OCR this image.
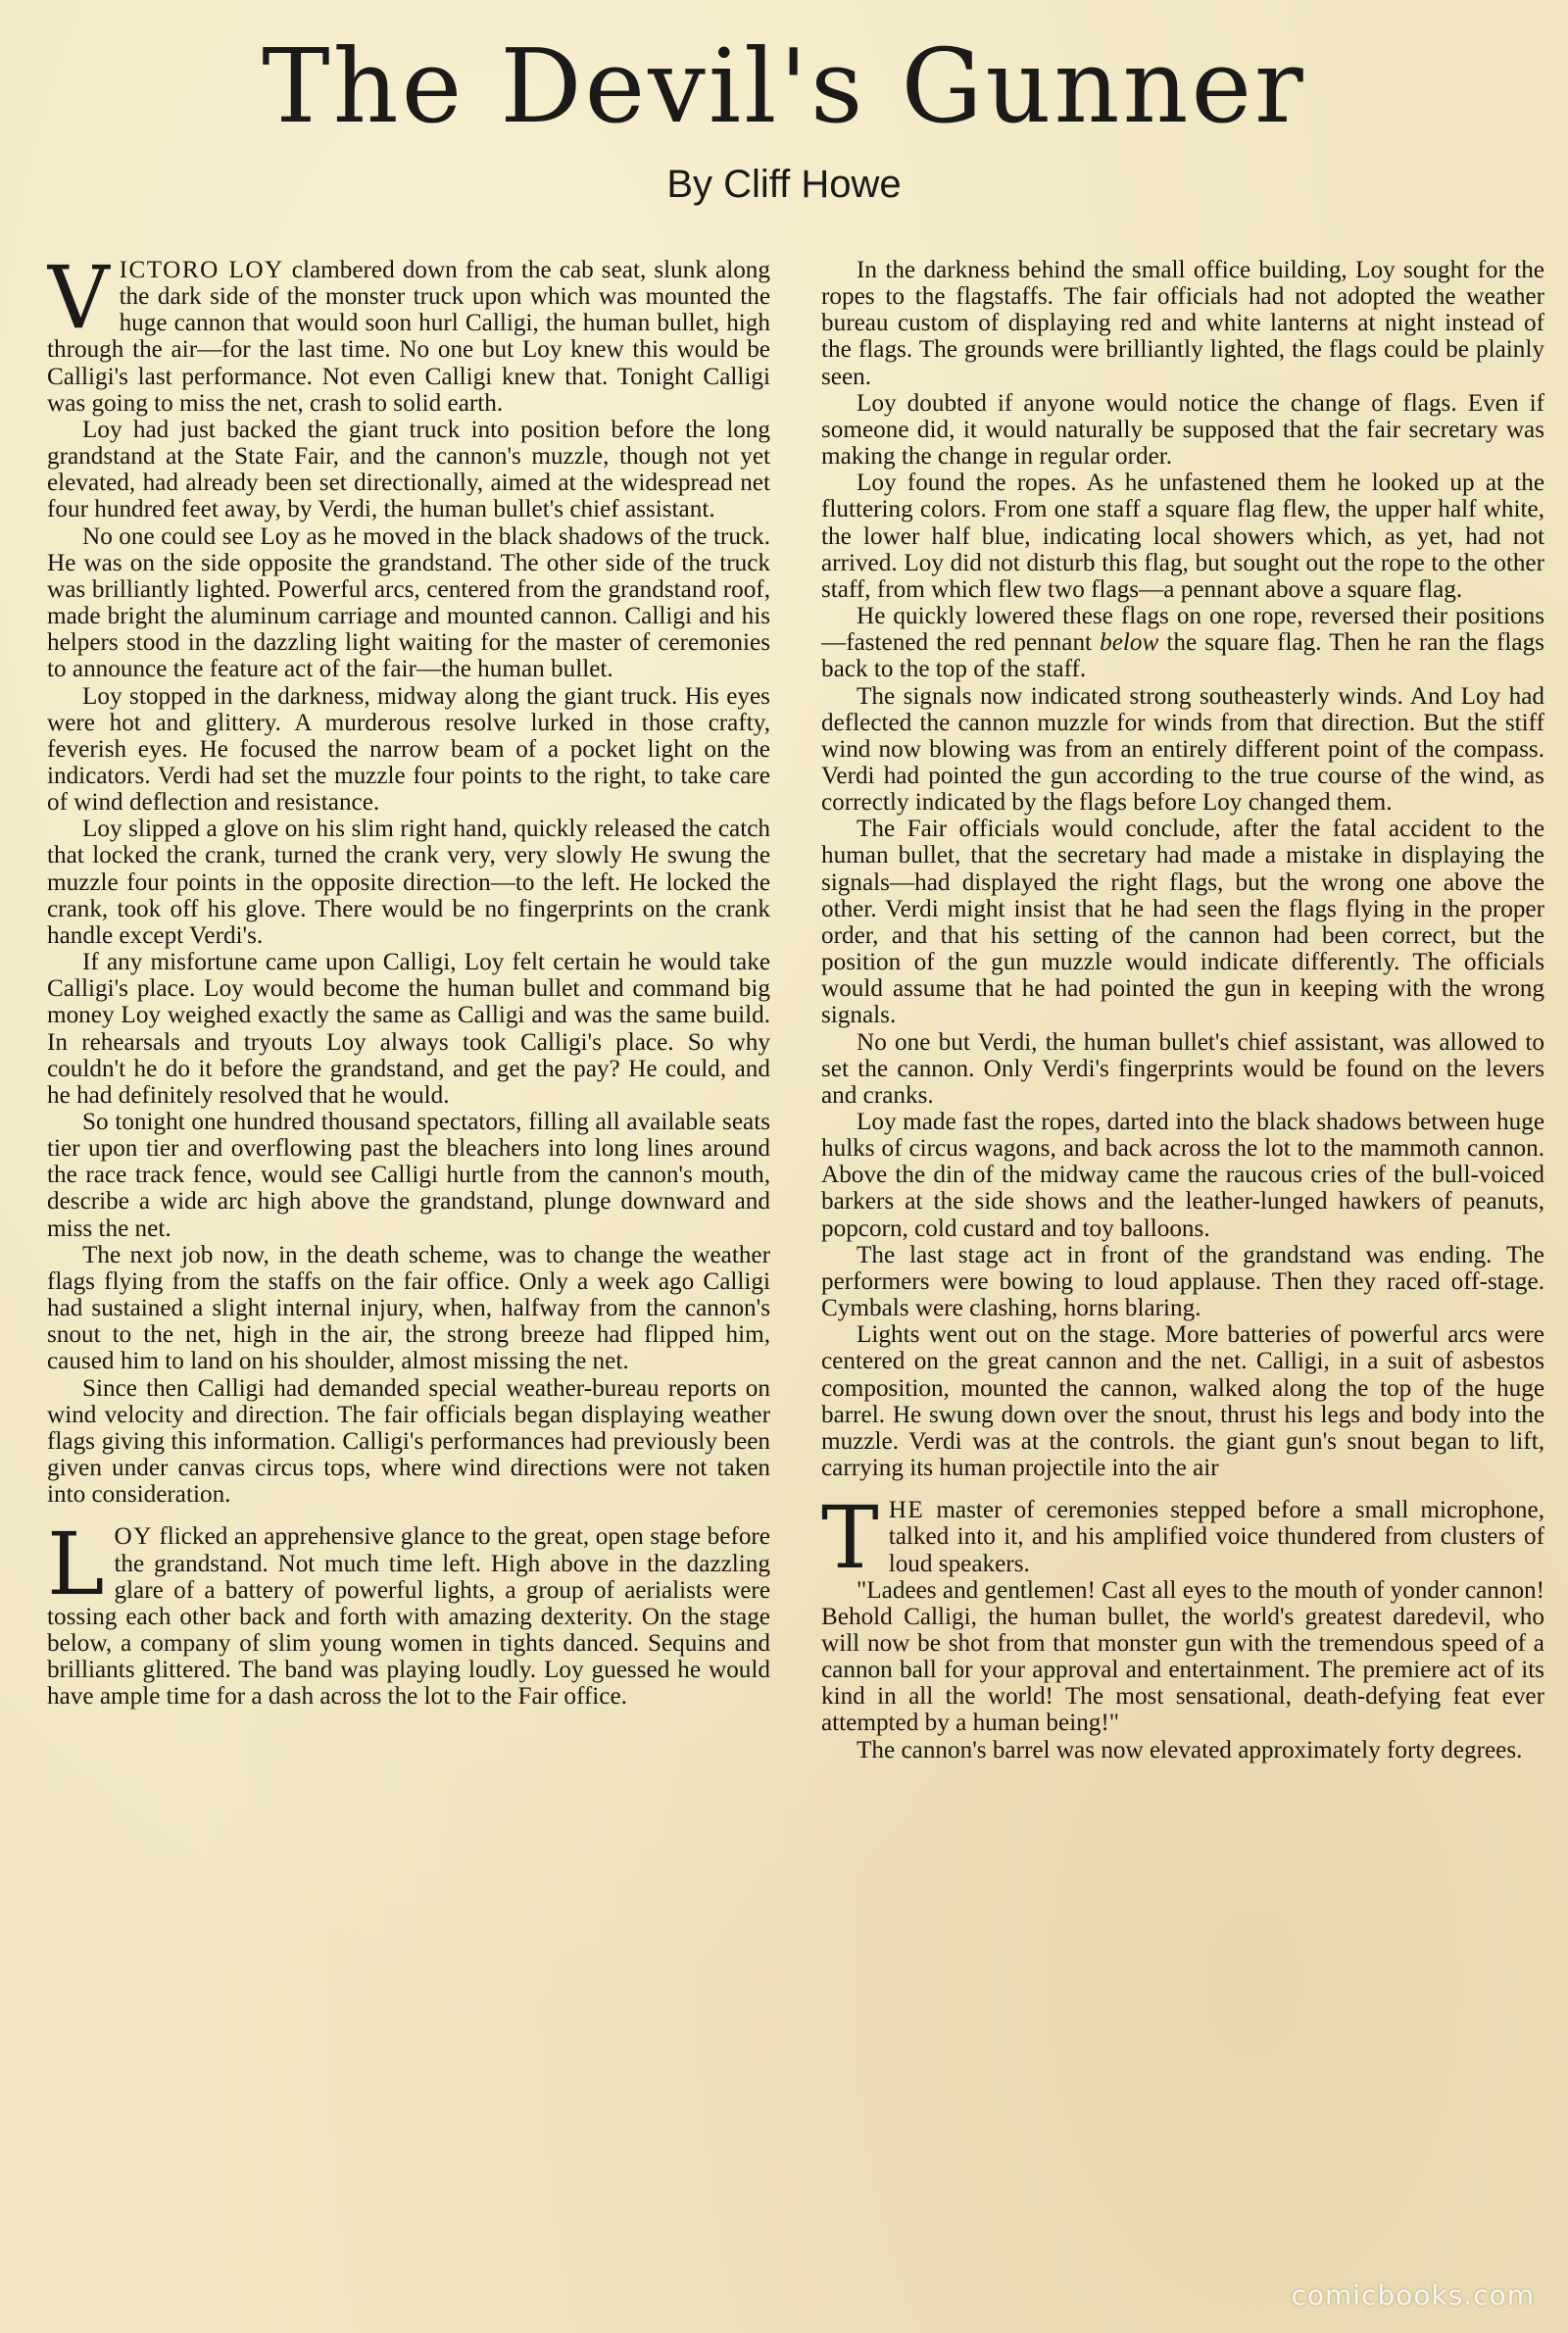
The Devil's Gunner
By Cliff Howe

VICTORO LOY clambered down from the cab seat, slunk along the dark side of the monster truck upon which was mounted the huge cannon that would soon hurl Calligi, the human bullet, high through the air—for the last time. No one but Loy knew this would be Calligi's last performance. Not even Calligi knew that. Tonight Calligi was going to miss the net, crash to solid earth.

Loy had just backed the giant truck into position before the long grandstand at the State Fair, and the cannon's muzzle, though not yet elevated, had already been set directionally, aimed at the widespread net four hundred feet away, by Verdi, the human bullet's chief assistant.

No one could see Loy as he moved in the black shadows of the truck. He was on the side opposite the grandstand. The other side of the truck was brilliantly lighted. Powerful arcs, centered from the grandstand roof, made bright the aluminum carriage and mounted cannon. Calligi and his helpers stood in the dazzling light waiting for the master of ceremonies to announce the feature act of the fair—the human bullet.

Loy stopped in the darkness, midway along the giant truck. His eyes were hot and glittery. A murderous resolve lurked in those crafty, feverish eyes. He focused the narrow beam of a pocket light on the indicators. Verdi had set the muzzle four points to the right, to take care of wind deflection and resistance.

Loy slipped a glove on his slim right hand, quickly released the catch that locked the crank, turned the crank very, very slowly He swung the muzzle four points in the opposite direction—to the left. He locked the crank, took off his glove. There would be no fingerprints on the crank handle except Verdi's.

If any misfortune came upon Calligi, Loy felt certain he would take Calligi's place. Loy would become the human bullet and command big money Loy weighed exactly the same as Calligi and was the same build. In rehearsals and tryouts Loy always took Calligi's place. So why couldn't he do it before the grandstand, and get the pay? He could, and he had definitely resolved that he would.

So tonight one hundred thousand spectators, filling all available seats tier upon tier and overflowing past the bleachers into long lines around the race track fence, would see Calligi hurtle from the cannon's mouth, describe a wide arc high above the grandstand, plunge downward and miss the net.

The next job now, in the death scheme, was to change the weather flags flying from the staffs on the fair office. Only a week ago Calligi had sustained a slight internal injury, when, halfway from the cannon's snout to the net, high in the air, the strong breeze had flipped him, caused him to land on his shoulder, almost missing the net.

Since then Calligi had demanded special weather-bureau reports on wind velocity and direction. The fair officials began displaying weather flags giving this information. Calligi's performances had previously been given under canvas circus tops, where wind directions were not taken into consideration.

LOY flicked an apprehensive glance to the great, open stage before the grandstand. Not much time left. High above in the dazzling glare of a battery of powerful lights, a group of aerialists were tossing each other back and forth with amazing dexterity. On the stage below, a company of slim young women in tights danced. Sequins and brilliants glittered. The band was playing loudly. Loy guessed he would have ample time for a dash across the lot to the Fair office.

In the darkness behind the small office building, Loy sought for the ropes to the flagstaffs. The fair officials had not adopted the weather bureau custom of displaying red and white lanterns at night instead of the flags. The grounds were brilliantly lighted, the flags could be plainly seen.

Loy doubted if anyone would notice the change of flags. Even if someone did, it would naturally be supposed that the fair secretary was making the change in regular order.

Loy found the ropes. As he unfastened them he looked up at the fluttering colors. From one staff a square flag flew, the upper half white, the lower half blue, indicating local showers which, as yet, had not arrived. Loy did not disturb this flag, but sought out the rope to the other staff, from which flew two flags—a pennant above a square flag.

He quickly lowered these flags on one rope, reversed their positions—fastened the red pennant below the square flag. Then he ran the flags back to the top of the staff.

The signals now indicated strong southeasterly winds. And Loy had deflected the cannon muzzle for winds from that direction. But the stiff wind now blowing was from an entirely different point of the compass. Verdi had pointed the gun according to the true course of the wind, as correctly indicated by the flags before Loy changed them.

The Fair officials would conclude, after the fatal accident to the human bullet, that the secretary had made a mistake in displaying the signals—had displayed the right flags, but the wrong one above the other. Verdi might insist that he had seen the flags flying in the proper order, and that his setting of the cannon had been correct, but the position of the gun muzzle would indicate differently. The officials would assume that he had pointed the gun in keeping with the wrong signals.

No one but Verdi, the human bullet's chief assistant, was allowed to set the cannon. Only Verdi's fingerprints would be found on the levers and cranks.

Loy made fast the ropes, darted into the black shadows between huge hulks of circus wagons, and back across the lot to the mammoth cannon. Above the din of the midway came the raucous cries of the bull-voiced barkers at the side shows and the leather-lunged hawkers of peanuts, popcorn, cold custard and toy balloons.

The last stage act in front of the grandstand was ending. The performers were bowing to loud applause. Then they raced off-stage. Cymbals were clashing, horns blaring.

Lights went out on the stage. More batteries of powerful arcs were centered on the great cannon and the net. Calligi, in a suit of asbestos composition, mounted the cannon, walked along the top of the huge barrel. He swung down over the snout, thrust his legs and body into the muzzle. Verdi was at the controls. the giant gun's snout began to lift, carrying its human projectile into the air

THE master of ceremonies stepped before a small microphone, talked into it, and his amplified voice thundered from clusters of loud speakers.

"Ladees and gentlemen! Cast all eyes to the mouth of yonder cannon! Behold Calligi, the human bullet, the world's greatest daredevil, who will now be shot from that monster gun with the tremendous speed of a cannon ball for your approval and entertainment. The premiere act of its kind in all the world! The most sensational, death-defying feat ever attempted by a human being!"

The cannon's barrel was now elevated approximately forty degrees.

comicbooks.com
